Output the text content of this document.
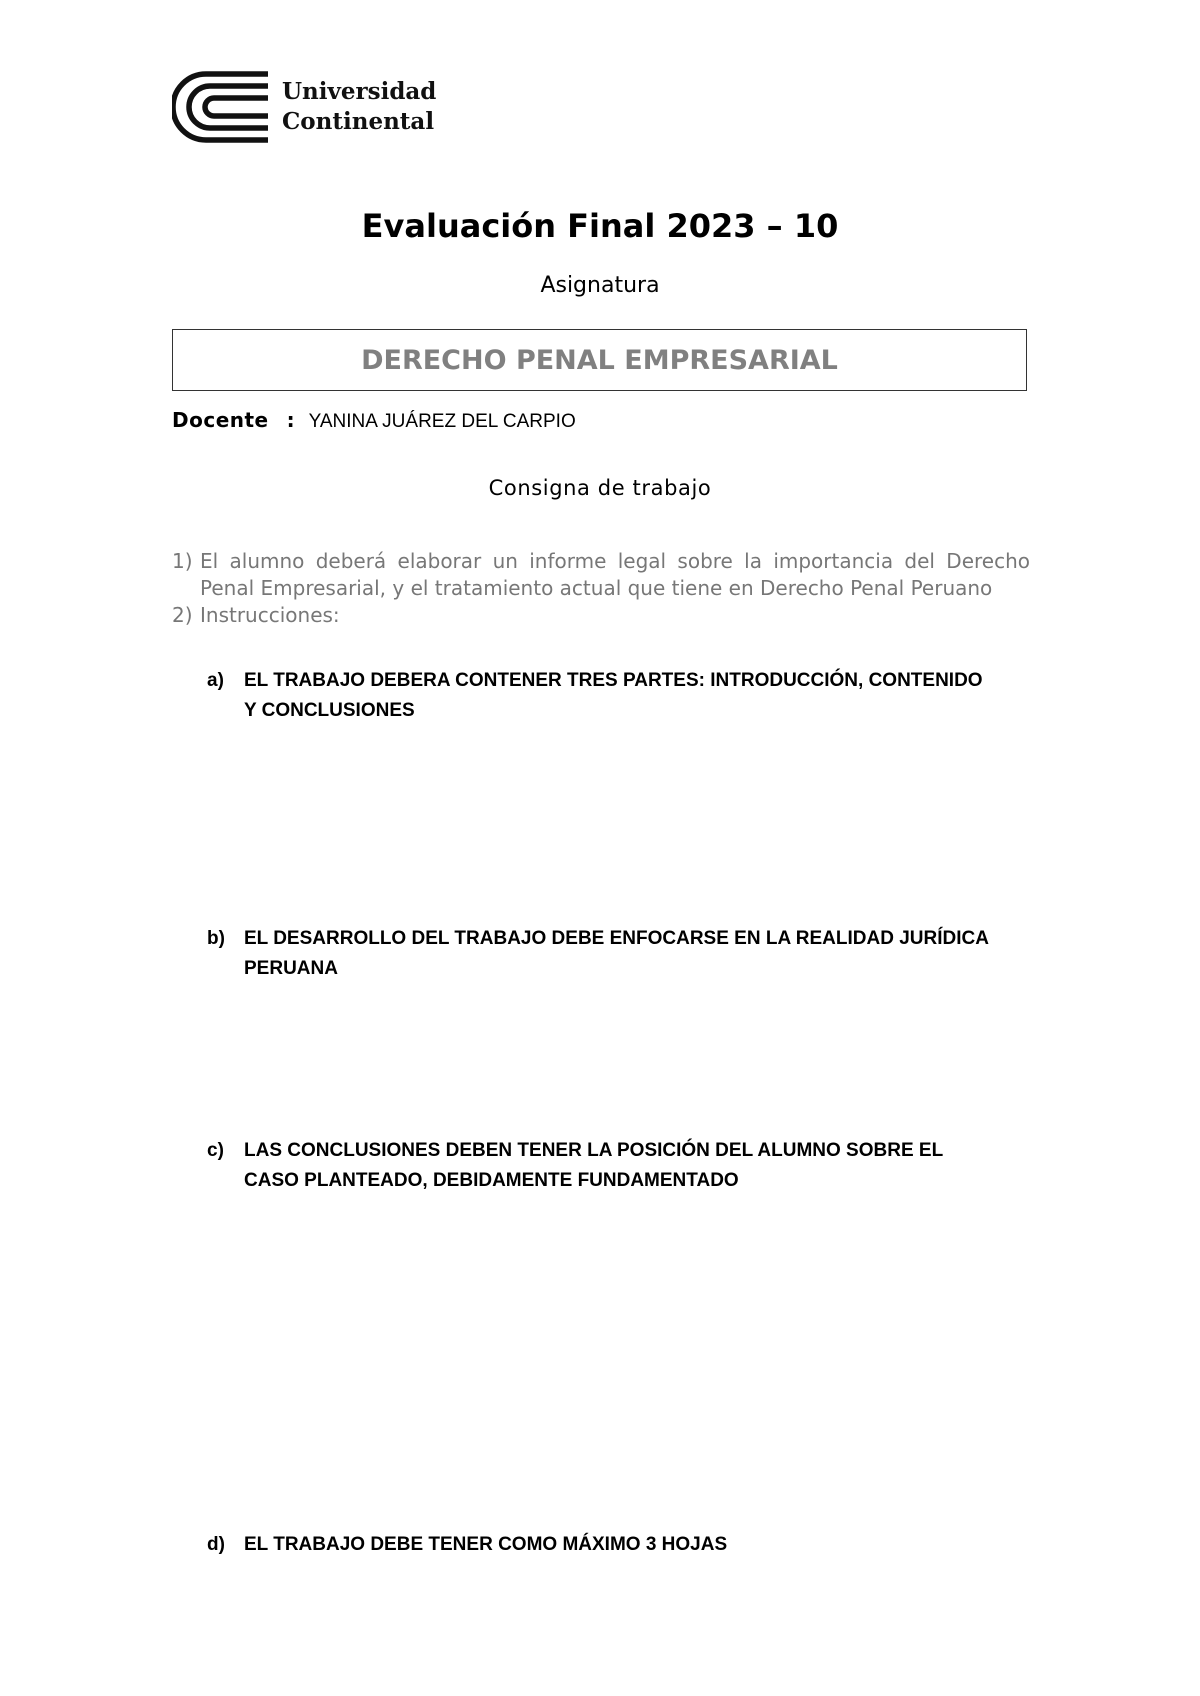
Universidad
Continental
Evaluación Final 2023 – 10
Asignatura
DERECHO PENAL EMPRESARIAL
Docente : YANINA JUÁREZ DEL CARPIO
Consigna de trabajo
1) El alumno deberá elaborar un informe legal sobre la importancia del Derecho Penal Empresarial, y el tratamiento actual que tiene en Derecho Penal Peruano
2) Instrucciones:
a)	EL TRABAJO DEBERA CONTENER TRES PARTES: INTRODUCCIÓN, CONTENIDO Y CONCLUSIONES
b)	EL DESARROLLO DEL TRABAJO DEBE ENFOCARSE EN LA REALIDAD JURÍDICA PERUANA
c)	LAS CONCLUSIONES DEBEN TENER LA POSICIÓN DEL ALUMNO SOBRE EL CASO PLANTEADO, DEBIDAMENTE FUNDAMENTADO
d)	EL TRABAJO DEBE TENER COMO MÁXIMO 3 HOJAS
